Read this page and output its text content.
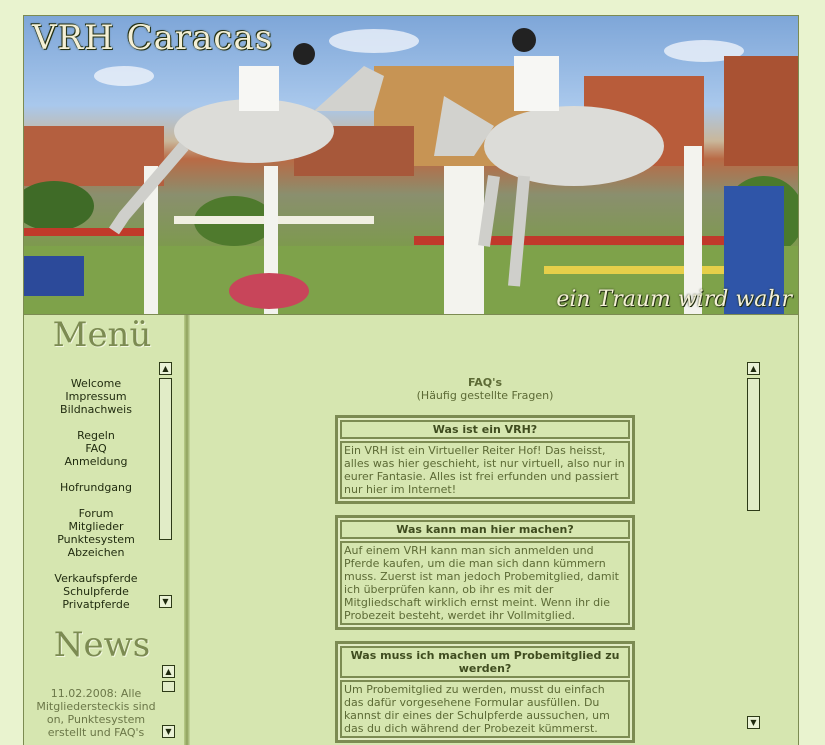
VRH Caracas
ein Traum wird wahr
Menü
Welcome
Impressum
Bildnachweis
Regeln
FAQ
Anmeldung
Hofrundgang
Forum
Mitglieder
Punktesystem
Abzeichen
Verkaufspferde
Schulpferde
Privatpferde
▲
▼
News
11.02.2008: Alle Mitgliedersteckis sind on, Punktesystem erstellt und FAQ's
▲
▼
FAQ's
(Häufig gestellte Fragen)
Was ist ein VRH?
Ein VRH ist ein Virtueller Reiter Hof! Das heisst, alles was hier geschieht, ist nur virtuell, also nur in eurer Fantasie. Alles ist frei erfunden und passiert nur hier im Internet!
Was kann man hier machen?
Auf einem VRH kann man sich anmelden und Pferde kaufen, um die man sich dann kümmern muss. Zuerst ist man jedoch Probemitglied, damit ich überprüfen kann, ob ihr es mit der Mitgliedschaft wirklich ernst meint. Wenn ihr die Probezeit besteht, werdet ihr Vollmitglied.
Was muss ich machen um Probemitglied zu werden?
Um Probemitglied zu werden, musst du einfach das dafür vorgesehene Formular ausfüllen. Du kannst dir eines der Schulpferde aussuchen, um das du dich während der Probezeit kümmerst.
▲
▼
